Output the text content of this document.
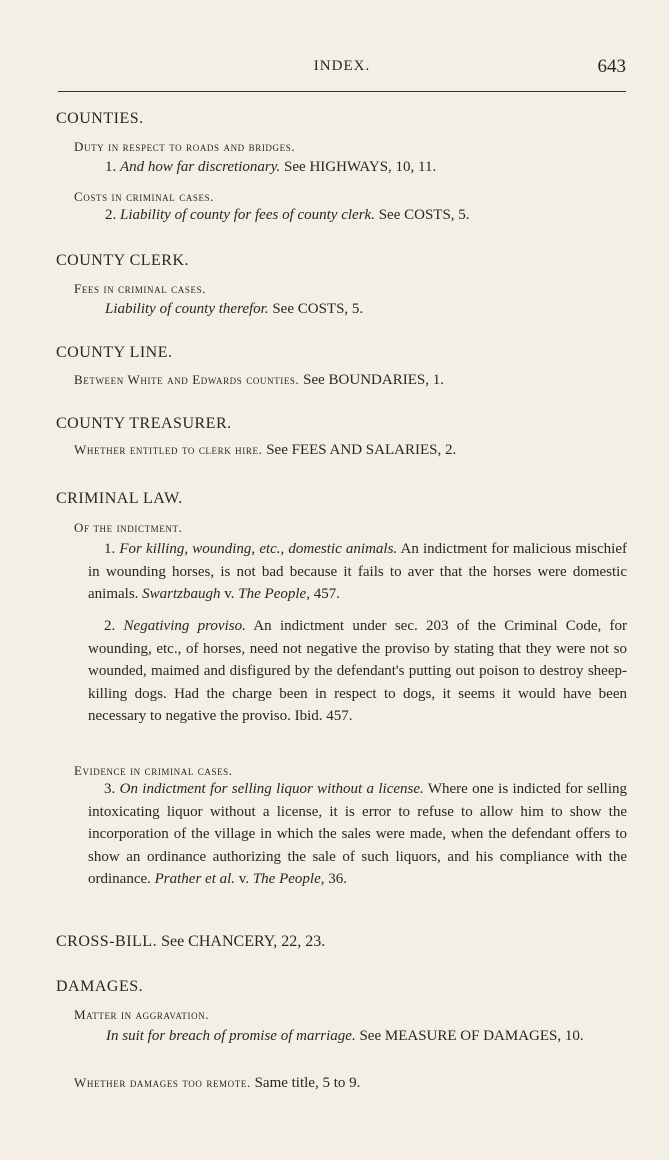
INDEX.	643
COUNTIES.
Duty in respect to roads and bridges.
1. And how far discretionary. See HIGHWAYS, 10, 11.
Costs in criminal cases.
2. Liability of county for fees of county clerk. See COSTS, 5.
COUNTY CLERK.
Fees in criminal cases.
Liability of county therefor. See COSTS, 5.
COUNTY LINE.
Between White and Edwards counties. See BOUNDARIES, 1.
COUNTY TREASURER.
Whether entitled to clerk hire. See FEES AND SALARIES, 2.
CRIMINAL LAW.
Of the indictment.
1. For killing, wounding, etc., domestic animals. An indictment for malicious mischief in wounding horses, is not bad because it fails to aver that the horses were domestic animals. Swartzbaugh v. The People, 457.
2. Negativing proviso. An indictment under sec. 203 of the Criminal Code, for wounding, etc., of horses, need not negative the proviso by stating that they were not so wounded, maimed and disfigured by the defendant's putting out poison to destroy sheep-killing dogs. Had the charge been in respect to dogs, it seems it would have been necessary to negative the proviso. Ibid. 457.
Evidence in criminal cases.
3. On indictment for selling liquor without a license. Where one is indicted for selling intoxicating liquor without a license, it is error to refuse to allow him to show the incorporation of the village in which the sales were made, when the defendant offers to show an ordinance authorizing the sale of such liquors, and his compliance with the ordinance. Prather et al. v. The People, 36.
CROSS-BILL. See CHANCERY, 22, 23.
DAMAGES.
Matter in aggravation.
In suit for breach of promise of marriage. See MEASURE OF DAMAGES, 10.
Whether damages too remote. Same title, 5 to 9.
